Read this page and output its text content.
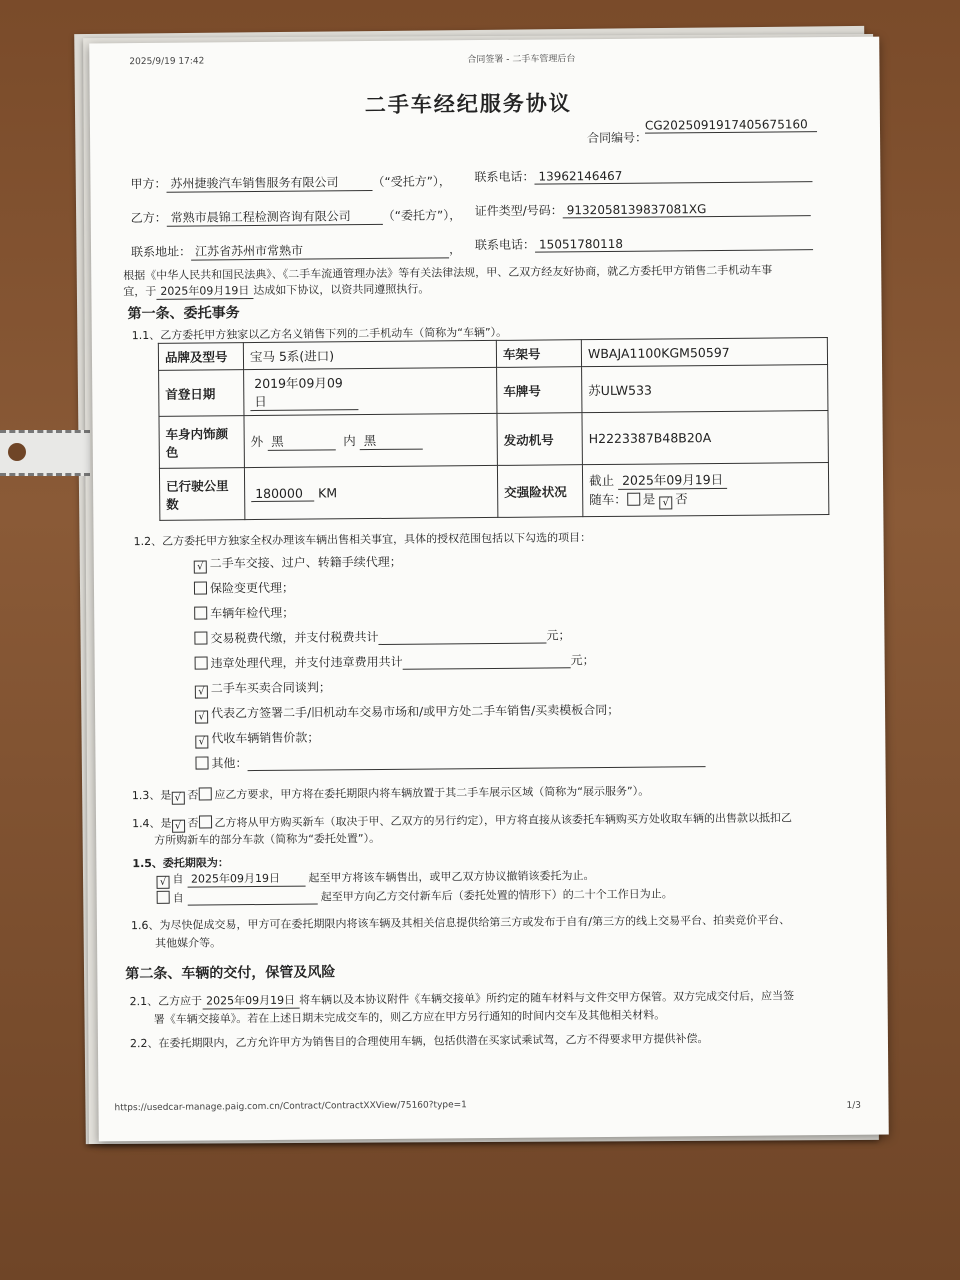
2025/9/19 17:42	合同签署 - 二手车管理后台
二手车经纪服务协议
合同编号：
CG2025091917405675160
甲方： 苏州捷骏汽车销售服务有限公司	（“受托方”）， 联系电话： 13962146467
乙方： 常熟市晨锦工程检测咨询有限公司	（“委托方”）， 证件类型/号码： 9132058139837081XG
联系地址： 江苏省苏州市常熟市	， 联系电话： 15051780118
根据《中华人民共和国民法典》、《二手车流通管理办法》等有关法律法规，甲、乙双方经友好协商，就乙方委托甲方销售二手机动车事
宜，于 2025年09月19日 达成如下协议，以资共同遵照执行。
第一条、委托事务
1.1、乙方委托甲方独家以乙方名义销售下列的二手机动车（简称为“车辆”）。
品牌及型号	宝马 5系(进口)	车架号	WBAJA1100KGM50597
首登日期	2019年09月09日	车牌号	苏ULW533
车身内饰颜色	外 黑 内 黑	发动机号	H2223387B48B20A
已行驶公里数	180000 KM	交强险状况	截止 2025年09月19日
随车： 是 √ 否
1.2、乙方委托甲方独家全权办理该车辆出售相关事宜，具体的授权范围包括以下勾选的项目：
√ 二手车交接、过户、转籍手续代理；
保险变更代理；
车辆年检代理；
交易税费代缴，并支付税费共计	元；
违章处理代理，并支付违章费用共计	元；
√ 二手车买卖合同谈判；
√ 代表乙方签署二手/旧机动车交易市场和/或甲方处二手车销售/买卖模板合同；
√ 代收车辆销售价款；
其他：
1.3、是 √ 否 应乙方要求，甲方将在委托期限内将车辆放置于其二手车展示区域（简称为“展示服务”）。
1.4、是 √ 否 乙方将从甲方购买新车（取决于甲、乙双方的另行约定），甲方将直接从该委托车辆购买方处收取车辆的出售款以抵扣乙
方所购新车的部分车款（简称为“委托处置”）。
1.5、委托期限为：
√ 自 2025年09月19日	起至甲方将该车辆售出，或甲乙双方协议撤销该委托为止。
自	起至甲方向乙方交付新车后（委托处置的情形下）的二十个工作日为止。
1.6、为尽快促成交易，甲方可在委托期限内将该车辆及其相关信息提供给第三方或发布于自有/第三方的线上交易平台、拍卖竞价平台、
其他媒介等。
第二条、车辆的交付，保管及风险
2.1、乙方应于 2025年09月19日 将车辆以及本协议附件《车辆交接单》所约定的随车材料与文件交甲方保管。双方完成交付后，应当签
署《车辆交接单》。若在上述日期未完成交车的，则乙方应在甲方另行通知的时间内交车及其他相关材料。
2.2、在委托期限内，乙方允许甲方为销售目的合理使用车辆，包括供潜在买家试乘试驾，乙方不得要求甲方提供补偿。
https://usedcar-manage.paig.com.cn/Contract/ContractXXView/75160?type=1	1/3
